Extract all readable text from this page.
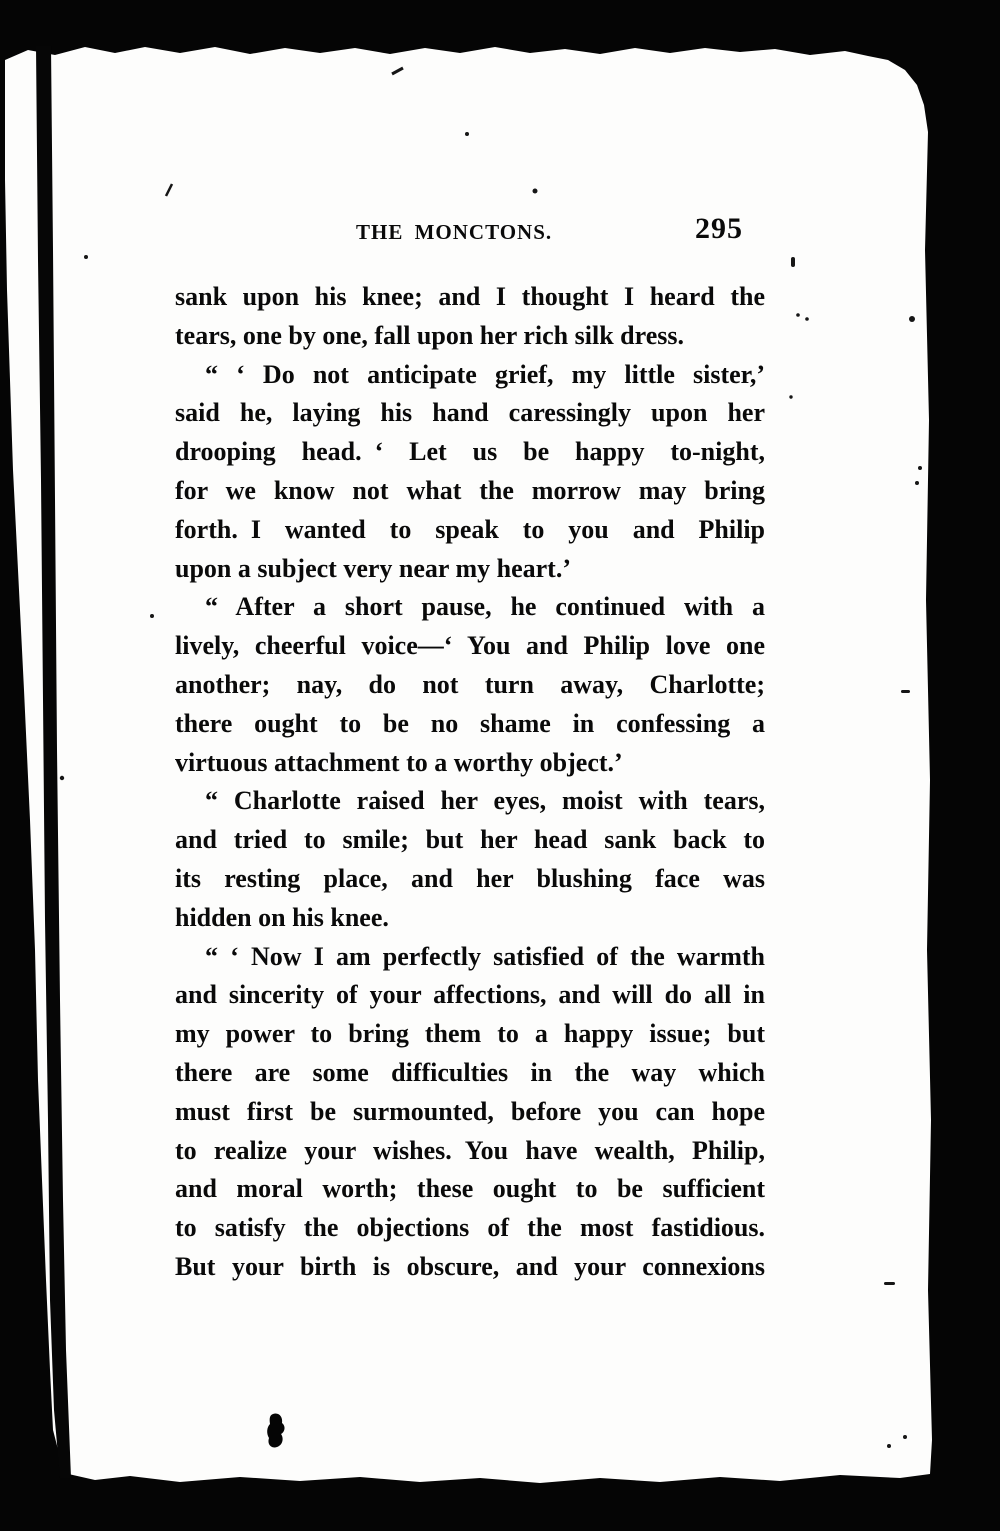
THE MONCTONS.	295
sank upon his knee; and I thought I heard the
tears, one by one, fall upon her rich silk dress.
“ ‘ Do not anticipate grief, my little sister,’
said he, laying his hand caressingly upon her
drooping head. ‘ Let us be happy to-night,
for we know not what the morrow may bring
forth. I wanted to speak to you and Philip
upon a subject very near my heart.’
“ After a short pause, he continued with a
lively, cheerful voice—‘ You and Philip love one
another; nay, do not turn away, Charlotte;
there ought to be no shame in confessing a
virtuous attachment to a worthy object.’
“ Charlotte raised her eyes, moist with tears,
and tried to smile; but her head sank back to
its resting place, and her blushing face was
hidden on his knee.
“ ‘ Now I am perfectly satisfied of the warmth
and sincerity of your affections, and will do all in
my power to bring them to a happy issue; but
there are some difficulties in the way which
must first be surmounted, before you can hope
to realize your wishes. You have wealth, Philip,
and moral worth; these ought to be sufficient
to satisfy the objections of the most fastidious.
But your birth is obscure, and your connexions
